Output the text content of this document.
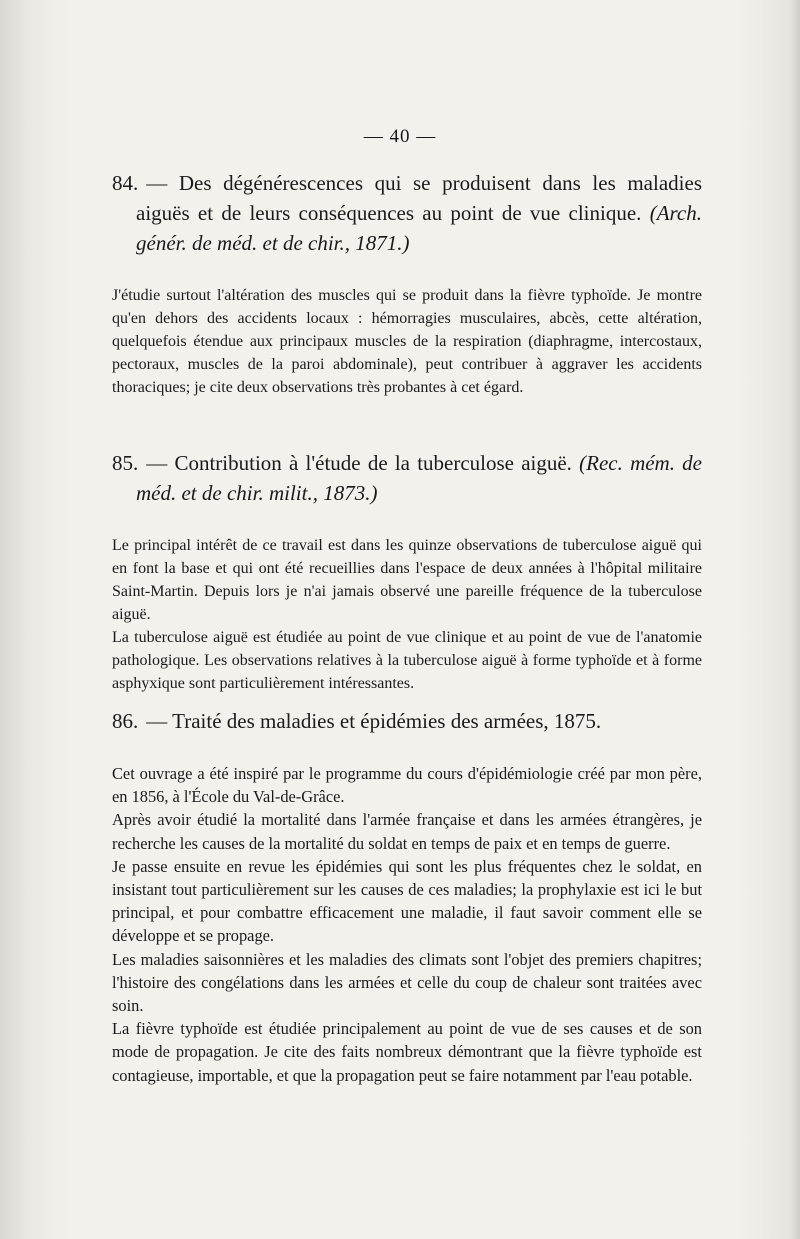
— 40 —

84. — Des dégénérescences qui se produisent dans les maladies aiguës et de leurs conséquences au point de vue clinique. (Arch. génér. de méd. et de chir., 1871.)

J'étudie surtout l'altération des muscles qui se produit dans la fièvre typhoïde. Je montre qu'en dehors des accidents locaux : hémorragies musculaires, abcès, cette altération, quelquefois étendue aux principaux muscles de la respiration (diaphragme, intercostaux, pectoraux, muscles de la paroi abdominale), peut contribuer à aggraver les accidents thoraciques; je cite deux observations très probantes à cet égard.

85. — Contribution à l'étude de la tuberculose aiguë. (Rec. mém. de méd. et de chir. milit., 1873.)

Le principal intérêt de ce travail est dans les quinze observations de tuberculose aiguë qui en font la base et qui ont été recueillies dans l'espace de deux années à l'hôpital militaire Saint-Martin. Depuis lors je n'ai jamais observé une pareille fréquence de la tuberculose aiguë.

La tuberculose aiguë est étudiée au point de vue clinique et au point de vue de l'anatomie pathologique. Les observations relatives à la tuberculose aiguë à forme typhoïde et à forme asphyxique sont particulièrement intéressantes.

86. — Traité des maladies et épidémies des armées, 1875.

Cet ouvrage a été inspiré par le programme du cours d'épidémiologie créé par mon père, en 1856, à l'École du Val-de-Grâce.

Après avoir étudié la mortalité dans l'armée française et dans les armées étrangères, je recherche les causes de la mortalité du soldat en temps de paix et en temps de guerre.

Je passe ensuite en revue les épidémies qui sont les plus fréquentes chez le soldat, en insistant tout particulièrement sur les causes de ces maladies; la prophylaxie est ici le but principal, et pour combattre efficacement une maladie, il faut savoir comment elle se développe et se propage.

Les maladies saisonnières et les maladies des climats sont l'objet des premiers chapitres; l'histoire des congélations dans les armées et celle du coup de chaleur sont traitées avec soin.

La fièvre typhoïde est étudiée principalement au point de vue de ses causes et de son mode de propagation. Je cite des faits nombreux démontrant que la fièvre typhoïde est contagieuse, importable, et que la propagation peut se faire notamment par l'eau potable.
